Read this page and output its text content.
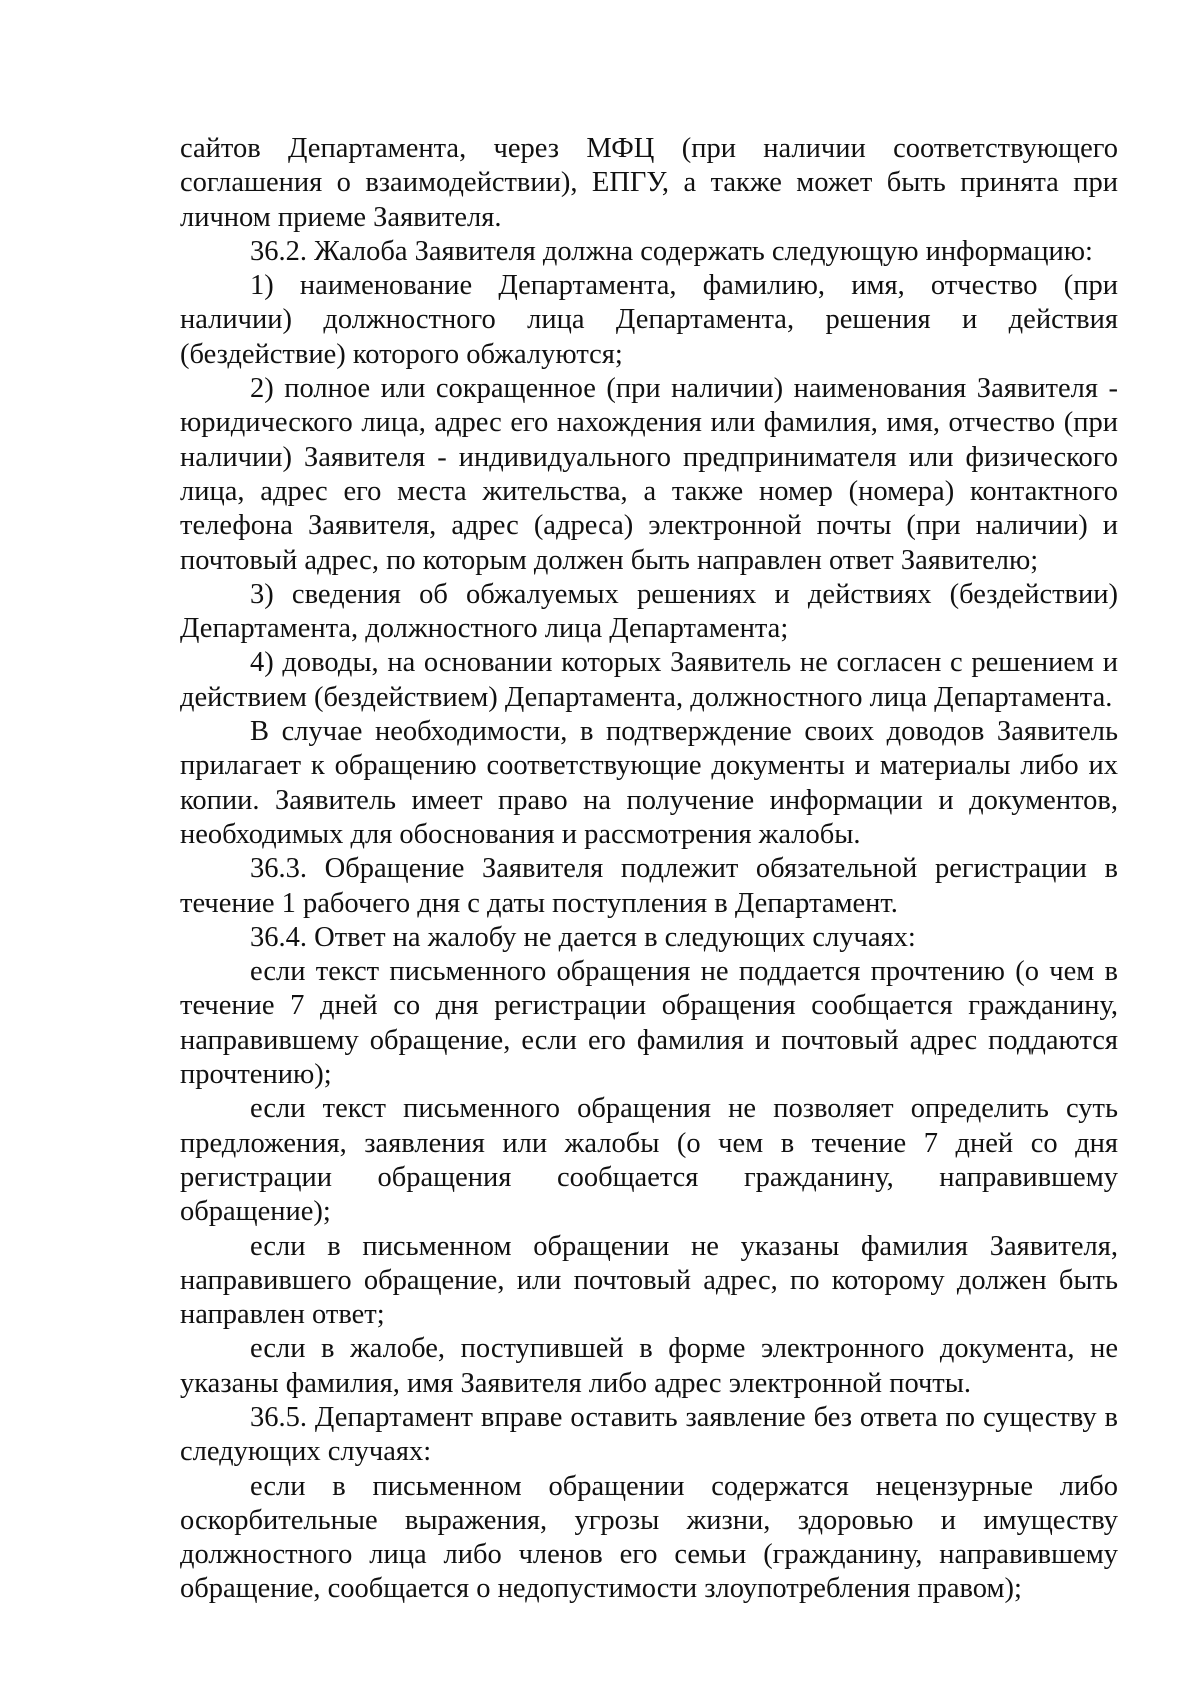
сайтов Департамента, через МФЦ (при наличии соответствующего соглашения о взаимодействии), ЕПГУ, а также может быть принята при личном приеме Заявителя.

36.2. Жалоба Заявителя должна содержать следующую информацию:

1) наименование Департамента, фамилию, имя, отчество (при наличии) должностного лица Департамента, решения и действия (бездействие) которого обжалуются;

2) полное или сокращенное (при наличии) наименования Заявителя - юридического лица, адрес его нахождения или фамилия, имя, отчество (при наличии) Заявителя - индивидуального предпринимателя или физического лица, адрес его места жительства, а также номер (номера) контактного телефона Заявителя, адрес (адреса) электронной почты (при наличии) и почтовый адрес, по которым должен быть направлен ответ Заявителю;

3) сведения об обжалуемых решениях и действиях (бездействии) Департамента, должностного лица Департамента;

4) доводы, на основании которых Заявитель не согласен с решением и действием (бездействием) Департамента, должностного лица Департамента.

В случае необходимости, в подтверждение своих доводов Заявитель прилагает к обращению соответствующие документы и материалы либо их копии. Заявитель имеет право на получение информации и документов, необходимых для обоснования и рассмотрения жалобы.

36.3. Обращение Заявителя подлежит обязательной регистрации в течение 1 рабочего дня с даты поступления в Департамент.

36.4. Ответ на жалобу не дается в следующих случаях:

если текст письменного обращения не поддается прочтению (о чем в течение 7 дней со дня регистрации обращения сообщается гражданину, направившему обращение, если его фамилия и почтовый адрес поддаются прочтению);

если текст письменного обращения не позволяет определить суть предложения, заявления или жалобы (о чем в течение 7 дней со дня регистрации обращения сообщается гражданину, направившему обращение);

если в письменном обращении не указаны фамилия Заявителя, направившего обращение, или почтовый адрес, по которому должен быть направлен ответ;

если в жалобе, поступившей в форме электронного документа, не указаны фамилия, имя Заявителя либо адрес электронной почты.

36.5. Департамент вправе оставить заявление без ответа по существу в следующих случаях:

если в письменном обращении содержатся нецензурные либо оскорбительные выражения, угрозы жизни, здоровью и имуществу должностного лица либо членов его семьи (гражданину, направившему обращение, сообщается о недопустимости злоупотребления правом);
